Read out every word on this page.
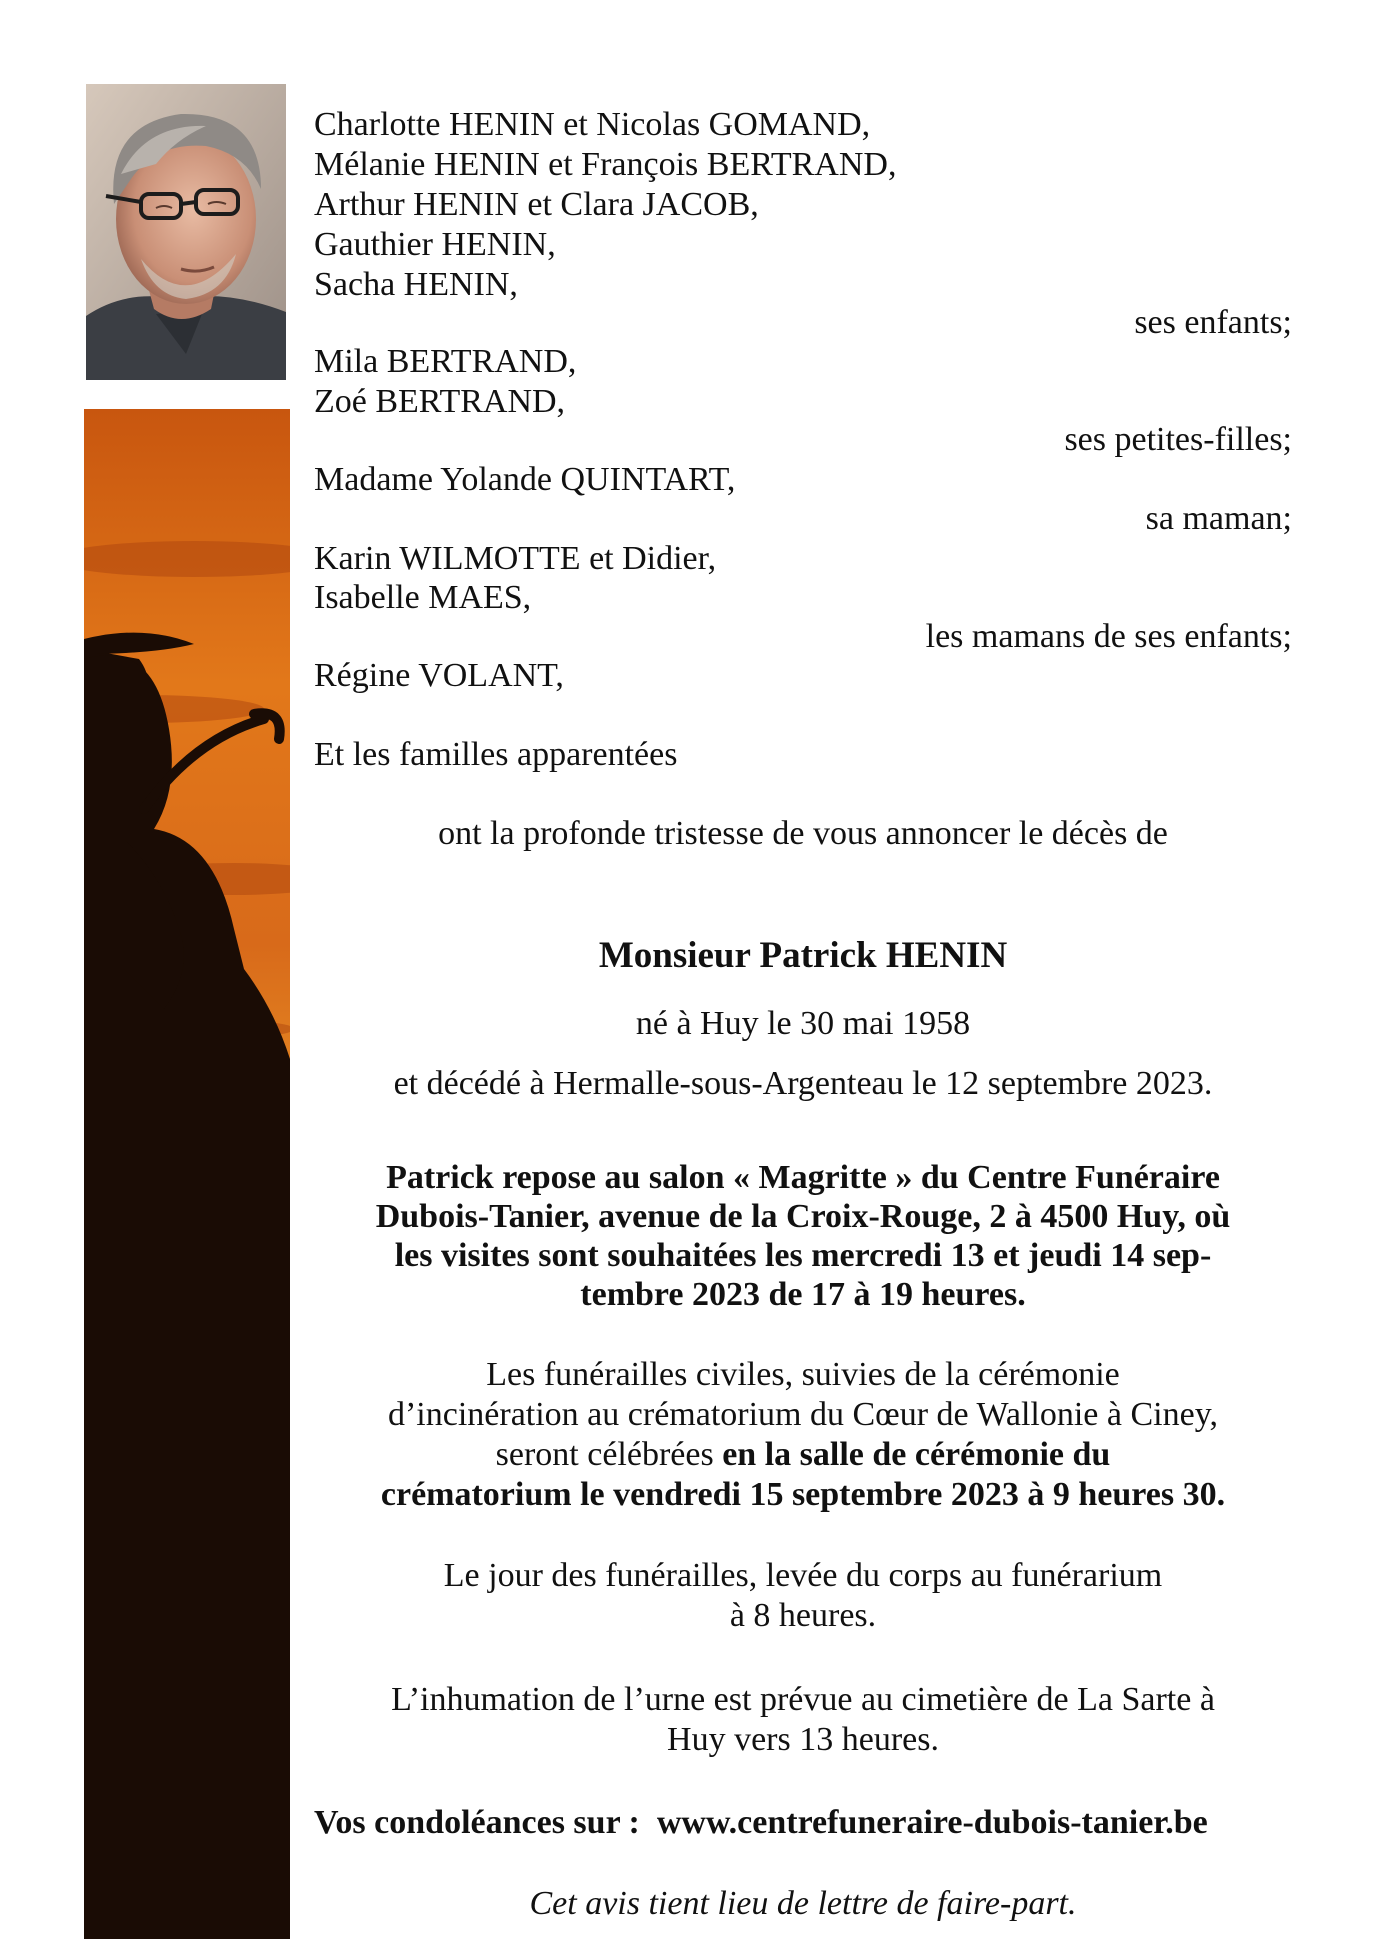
Charlotte HENIN et Nicolas GOMAND,
Mélanie HENIN et François BERTRAND,
Arthur HENIN et Clara JACOB,
Gauthier HENIN,
Sacha HENIN,
ses enfants;
Mila BERTRAND,
Zoé BERTRAND,
ses petites-filles;
Madame Yolande QUINTART,
sa maman;
Karin WILMOTTE et Didier,
Isabelle MAES,
les mamans de ses enfants;
Régine VOLANT,
Et les familles apparentées
ont la profonde tristesse de vous annoncer le décès de
Monsieur Patrick HENIN
né à Huy le 30 mai 1958
et décédé à Hermalle-sous-Argenteau le 12 septembre 2023.
Patrick repose au salon « Magritte » du Centre Funéraire
Dubois-Tanier, avenue de la Croix-Rouge, 2 à 4500 Huy, où
les visites sont souhaitées les mercredi 13 et jeudi 14 sep-
tembre 2023 de 17 à 19 heures.
Les funérailles civiles, suivies de la cérémonie
d’incinération au crématorium du Cœur de Wallonie à Ciney,
seront célébrées en la salle de cérémonie du
crématorium le vendredi 15 septembre 2023 à 9 heures 30.
Le jour des funérailles, levée du corps au funérarium
à 8 heures.
L’inhumation de l’urne est prévue au cimetière de La Sarte à
Huy vers 13 heures.
Vos condoléances sur : www.centrefuneraire-dubois-tanier.be
Cet avis tient lieu de lettre de faire-part.
